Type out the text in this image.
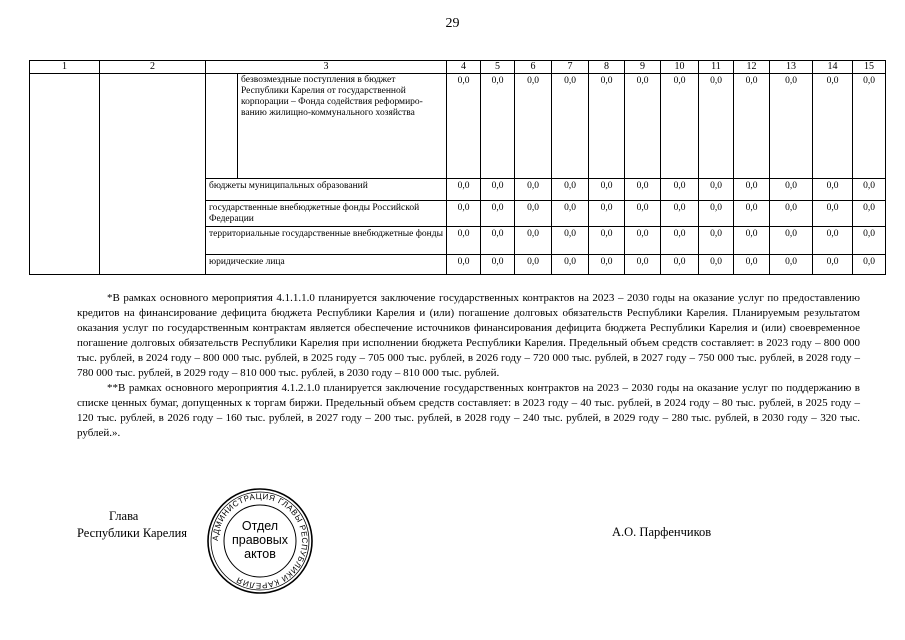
29
1	2	3		4	5	6	7	8	9	10	11	12	13	14	15
			безвозмездные поступления в бюджет Республики Карелия от государственной корпорации – Фонда содействия реформиро-ванию жилищно-коммунального хозяйства	0,0	0,0	0,0	0,0	0,0	0,0	0,0	0,0	0,0	0,0	0,0	0,0
		бюджеты муниципальных образований		0,0	0,0	0,0	0,0	0,0	0,0	0,0	0,0	0,0	0,0	0,0	0,0
		государственные внебюджетные фонды Российской Федерации		0,0	0,0	0,0	0,0	0,0	0,0	0,0	0,0	0,0	0,0	0,0	0,0
		территориальные государственные внебюджетные фонды		0,0	0,0	0,0	0,0	0,0	0,0	0,0	0,0	0,0	0,0	0,0	0,0
		юридические лица		0,0	0,0	0,0	0,0	0,0	0,0	0,0	0,0	0,0	0,0	0,0	0,0

*В рамках основного мероприятия 4.1.1.1.0 планируется заключение государственных контрактов на 2023 – 2030 годы на оказание услуг по предоставлению кредитов на финансирование дефицита бюджета Республики Карелия и (или) погашение долговых обязательств Республики Карелия. Планируемым результатом оказания услуг по государственным контрактам является обеспечение источников финансирования дефицита бюджета Республики Карелия и (или) своевременное погашение долговых обязательств Республики Карелия при исполнении бюджета Республики Карелия. Предельный объем средств составляет: в 2023 году – 800 000 тыс. рублей, в 2024 году – 800 000 тыс. рублей, в 2025 году – 705 000 тыс. рублей, в 2026 году – 720 000 тыс. рублей, в 2027 году – 750 000 тыс. рублей, в 2028 году – 780 000 тыс. рублей, в 2029 году – 810 000 тыс. рублей, в 2030 году – 810 000 тыс. рублей.

**В рамках основного мероприятия 4.1.2.1.0 планируется заключение государственных контрактов на 2023 – 2030 годы на оказание услуг по поддержанию в списке ценных бумаг, допущенных к торгам биржи. Предельный объем средств составляет: в 2023 году – 40 тыс. рублей, в 2024 году – 80 тыс. рублей, в 2025 году – 120 тыс. рублей, в 2026 году – 160 тыс. рублей, в 2027 году – 200 тыс. рублей, в 2028 году – 240 тыс. рублей, в 2029 году – 280 тыс. рублей, в 2030 году – 320 тыс. рублей.».

Глава
Республики Карелия	АДМИНИСТРАЦИЯ ГЛАВЫ РЕСПУБЛИКИ КАРЕЛИЯ
Отдел
правовых
актов
А.О. Парфенчиков
